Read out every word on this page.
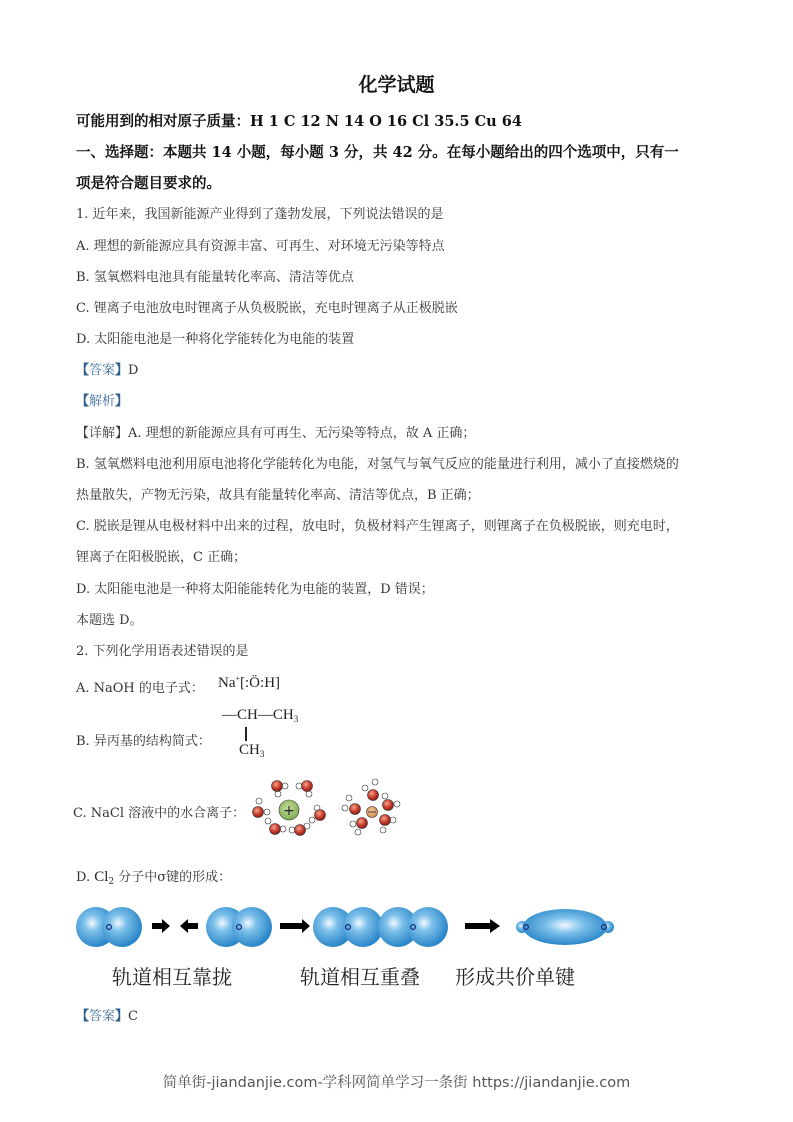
化学试题
可能用到的相对原子质量：H 1 C 12 N 14 O 16 Cl 35.5 Cu 64
一、选择题：本题共 14 小题，每小题 3 分，共 42 分。在每小题给出的四个选项中，只有一
项是符合题目要求的。
1. 近年来，我国新能源产业得到了蓬勃发展，下列说法错误的是
A. 理想的新能源应具有资源丰富、可再生、对环境无污染等特点
B. 氢氧燃料电池具有能量转化率高、清洁等优点
C. 锂离子电池放电时锂离子从负极脱嵌，充电时锂离子从正极脱嵌
D. 太阳能电池是一种将化学能转化为电能的装置
【答案】D
【解析】
【详解】A. 理想的新能源应具有可再生、无污染等特点，故 A 正确；
B. 氢氧燃料电池利用原电池将化学能转化为电能，对氢气与氧气反应的能量进行利用，减小了直接燃烧的
热量散失，产物无污染，故具有能量转化率高、清洁等优点，B 正确；
C. 脱嵌是锂从电极材料中出来的过程，放电时，负极材料产生锂离子，则锂离子在负极脱嵌，则充电时，
锂离子在阳极脱嵌，C 正确；
D. 太阳能电池是一种将太阳能能转化为电能的装置，D 错误；
本题选 D。
2. 下列化学用语表述错误的是
A. NaOH 的电子式： Na+[:Ö:H]
B. 异丙基的结构简式：
$—CH—CH_3$
$CH_3$
C. NaCl 溶液中的水合离子：	+
D. $Cl_2$ 分子中σ键的形成：
轨道相互靠拢	轨道相互重叠 形成共价单键
【答案】C
简单街-jiandanjie.com-学科网简单学习一条街 https://jiandanjie.com
